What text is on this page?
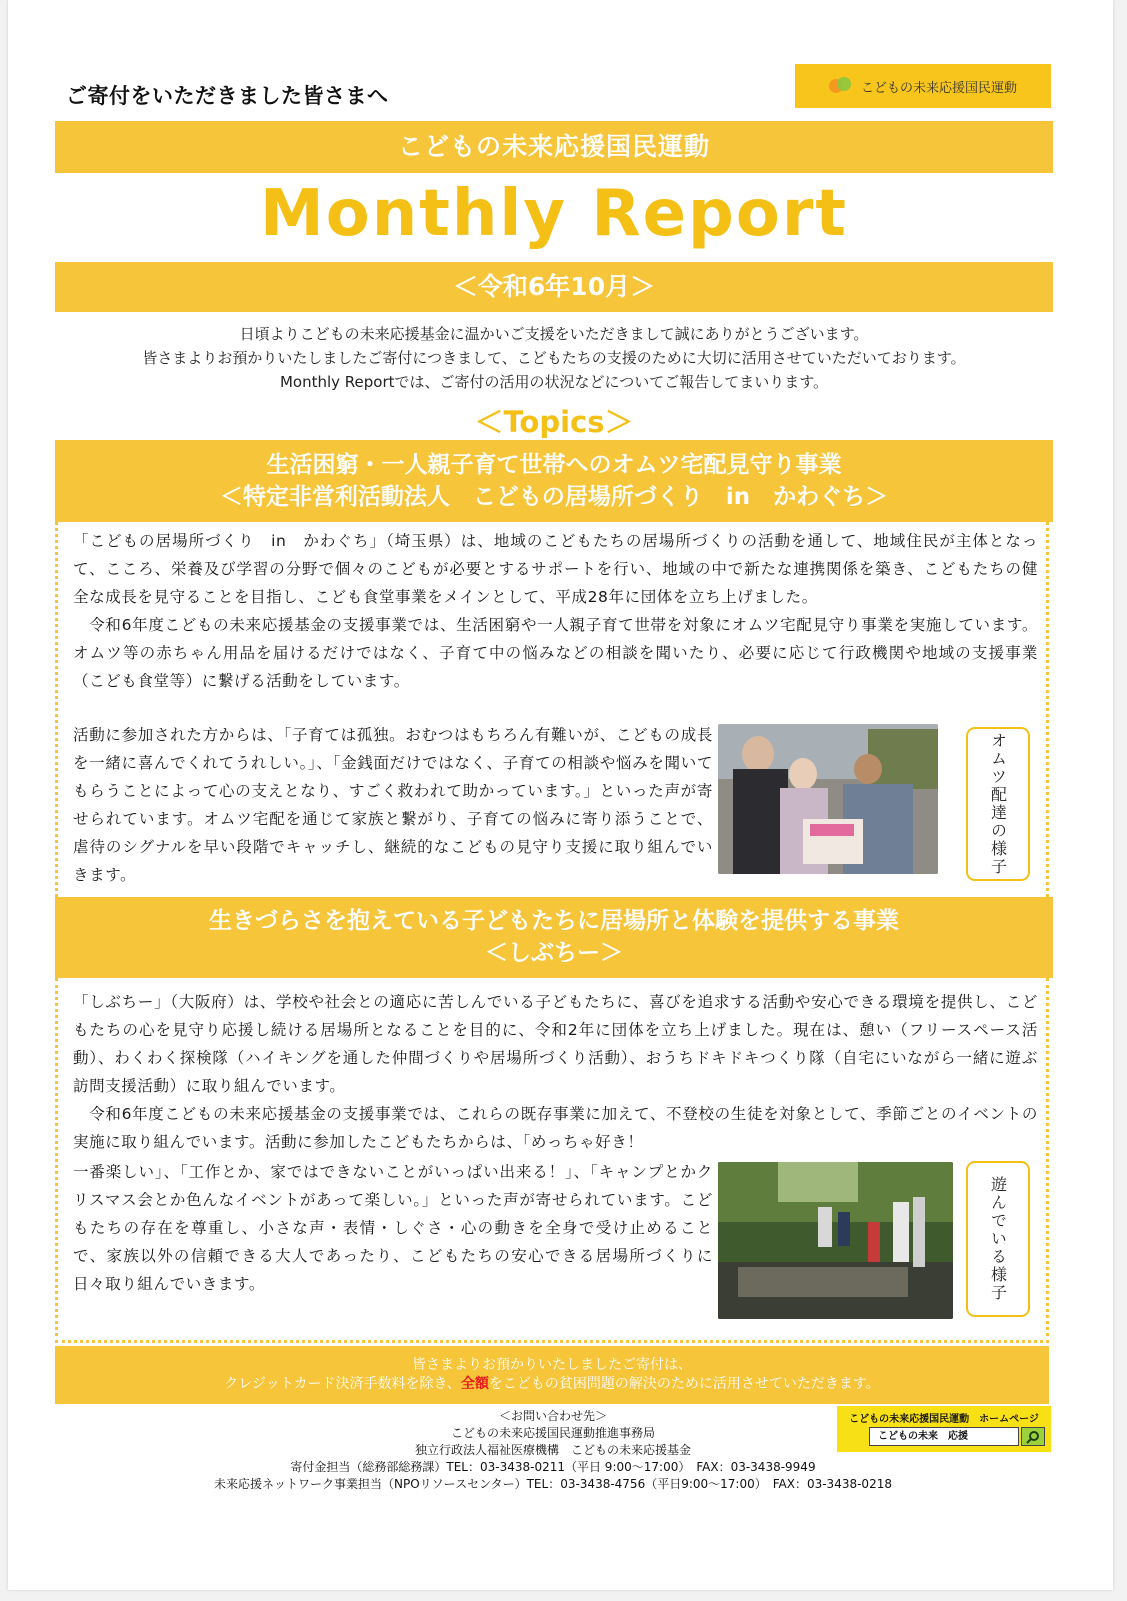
ご寄付をいただきました皆さまへ	こどもの未来応援国民運動
こどもの未来応援国民運動
Monthly Report
＜令和6年10月＞
日頃よりこどもの未来応援基金に温かいご支援をいただきまして誠にありがとうございます。
皆さまよりお預かりいたしましたご寄付につきまして、こどもたちの支援のために大切に活用させていただいております。
Monthly Reportでは、ご寄付の活用の状況などについてご報告してまいります。
＜Topics＞
生活困窮・一人親子育て世帯へのオムツ宅配見守り事業
＜特定非営利活動法人　こどもの居場所づくり　in　かわぐち＞
「こどもの居場所づくり　in　かわぐち」（埼玉県）は、地域のこどもたちの居場所づくりの活動を通して、地域住民が主体となって、こころ、栄養及び学習の分野で個々のこどもが必要とするサポートを行い、地域の中で新たな連携関係を築き、こどもたちの健全な成長を見守ることを目指し、こども食堂事業をメインとして、平成28年に団体を立ち上げました。
　令和6年度こどもの未来応援基金の支援事業では、生活困窮や一人親子育て世帯を対象にオムツ宅配見守り事業を実施しています。オムツ等の赤ちゃん用品を届けるだけではなく、子育て中の悩みなどの相談を聞いたり、必要に応じて行政機関や地域の支援事業（こども食堂等）に繋げる活動をしています。
活動に参加された方からは、「子育ては孤独。おむつはもちろん有難いが、こどもの成長を一緒に喜んでくれてうれしい。」、「金銭面だけではなく、子育ての相談や悩みを聞いてもらうことによって心の支えとなり、すごく救われて助かっています。」といった声が寄せられています。オムツ宅配を通じて家族と繋がり、子育ての悩みに寄り添うことで、虐待のシグナルを早い段階でキャッチし、継続的なこどもの見守り支援に取り組んでいきます。	オムツ配達の様子
生きづらさを抱えている子どもたちに居場所と体験を提供する事業
＜しぶちー＞
「しぶちー」（大阪府）は、学校や社会との適応に苦しんでいる子どもたちに、喜びを追求する活動や安心できる環境を提供し、こどもたちの心を見守り応援し続ける居場所となることを目的に、令和2年に団体を立ち上げました。現在は、憩い（フリースペース活動）、わくわく探検隊（ハイキングを通した仲間づくりや居場所づくり活動）、おうちドキドキつくり隊（自宅にいながら一緒に遊ぶ訪問支援活動）に取り組んでいます。
　令和6年度こどもの未来応援基金の支援事業では、これらの既存事業に加えて、不登校の生徒を対象として、季節ごとのイベントの実施に取り組んでいます。活動に参加したこどもたちからは、「めっちゃ好き！
一番楽しい」、「工作とか、家ではできないことがいっぱい出来る！」、「キャンプとかクリスマス会とか色んなイベントがあって楽しい。」といった声が寄せられています。こどもたちの存在を尊重し、小さな声・表情・しぐさ・心の動きを全身で受け止めることで、家族以外の信頼できる大人であったり、こどもたちの安心できる居場所づくりに日々取り組んでいきます。	遊んでいる様子
皆さまよりお預かりいたしましたご寄付は、
クレジットカード決済手数料を除き、全額をこどもの貧困問題の解決のために活用させていただきます。
＜お問い合わせ先＞
こどもの未来応援国民運動推進事務局
独立行政法人福祉医療機構　こどもの未来応援基金
寄付金担当（総務部総務課）TEL：03-3438-0211（平日 9:00～17:00）　FAX：03-3438-9949
未来応援ネットワーク事業担当（NPOリソースセンター）TEL：03-3438-4756（平日9:00～17:00）　FAX：03-3438-0218
こどもの未来応援国民運動　ホームページ
こどもの未来　応援
